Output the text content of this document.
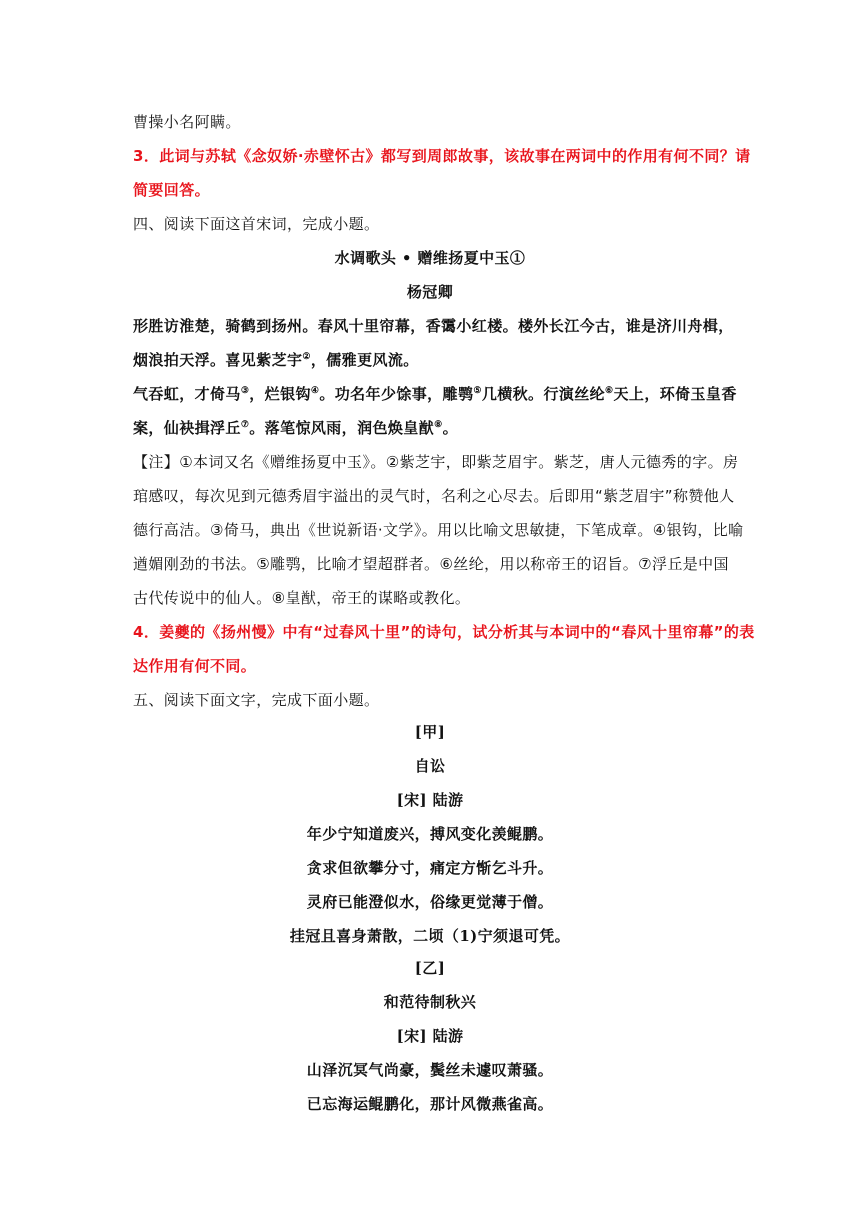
曹操小名阿瞒。
3．此词与苏轼《念奴娇·赤壁怀古》都写到周郎故事，该故事在两词中的作用有何不同？请
简要回答。
四、阅读下面这首宋词，完成小题。
水调歌头 • 赠维扬夏中玉①
杨冠卿
形胜访淮楚，骑鹤到扬州。春风十里帘幕，香霭小红楼。楼外长江今古，谁是济川舟楫，
烟浪拍天浮。喜见紫芝宇②，儒雅更风流。
气吞虹，才倚马③，烂银钩④。功名年少馀事，雕鹗⑤几横秋。行演丝纶⑥天上，环倚玉皇香
案，仙袂揖浮丘⑦。落笔惊风雨，润色焕皇猷⑧。
【注】①本词又名《赠维扬夏中玉》。②紫芝宇，即紫芝眉宇。紫芝，唐人元德秀的字。房
琯感叹，每次见到元德秀眉宇溢出的灵气时，名利之心尽去。后即用“紫芝眉宇”称赞他人
德行高洁。③倚马，典出《世说新语·文学》。用以比喻文思敏捷，下笔成章。④银钩，比喻
遒媚刚劲的书法。⑤雕鹗，比喻才望超群者。⑥丝纶，用以称帝王的诏旨。⑦浮丘是中国
古代传说中的仙人。⑧皇猷，帝王的谋略或教化。
4．姜夔的《扬州慢》中有“过春风十里”的诗句，试分析其与本词中的“春风十里帘幕”的表
达作用有何不同。
五、阅读下面文字，完成下面小题。
[甲]
自讼
[宋] 陆游
年少宁知道废兴，搏风变化羡鲲鹏。
贪求但欲攀分寸，痛定方惭乞斗升。
灵府已能澄似水，俗缘更觉薄于僧。
挂冠且喜身萧散，二顷（1)宁须退可凭。
[乙]
和范待制秋兴
[宋] 陆游
山泽沉冥气尚豪，鬓丝未遽叹萧骚。
已忘海运鲲鹏化，那计风微燕雀高。
